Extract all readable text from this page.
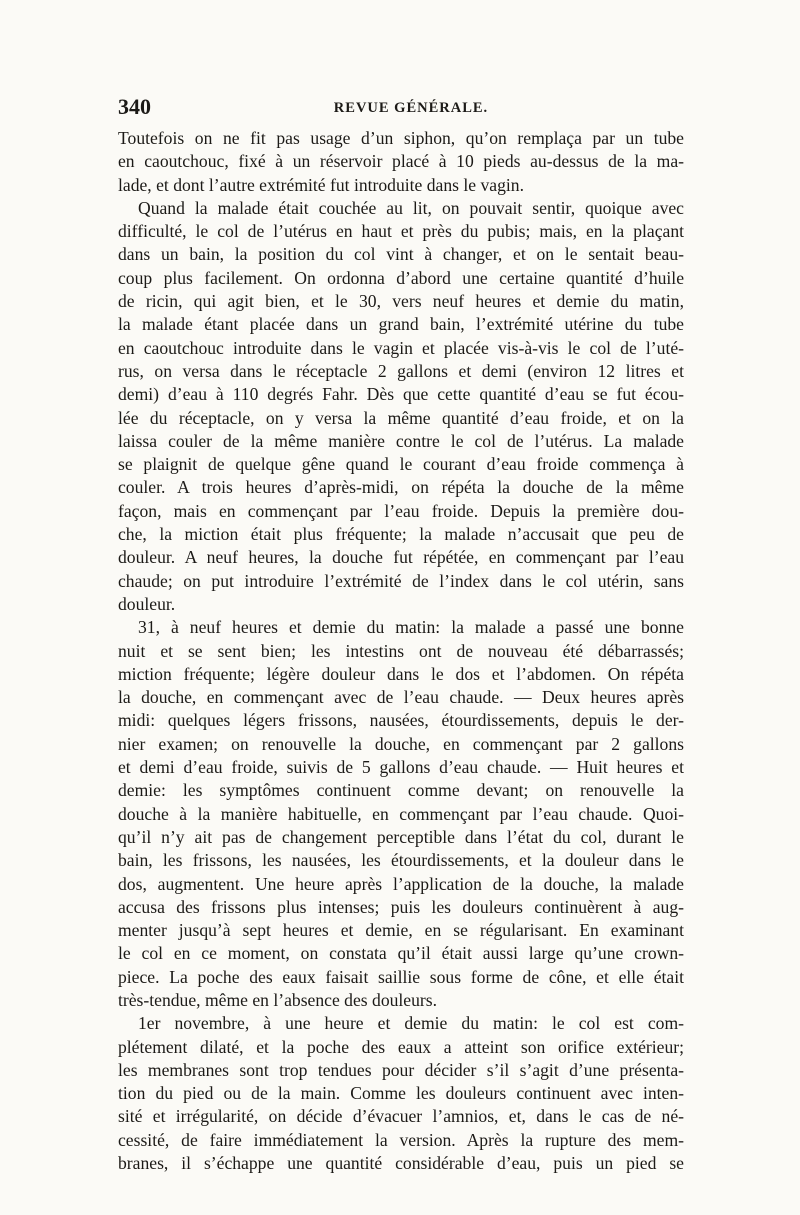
340	REVUE GÉNÉRALE.
Toutefois on ne fit pas usage d’un siphon, qu’on remplaça par un tube
en caoutchouc, fixé à un réservoir placé à 10 pieds au-dessus de la ma-
lade, et dont l’autre extrémité fut introduite dans le vagin.
Quand la malade était couchée au lit, on pouvait sentir, quoique avec
difficulté, le col de l’utérus en haut et près du pubis; mais, en la plaçant
dans un bain, la position du col vint à changer, et on le sentait beau-
coup plus facilement. On ordonna d’abord une certaine quantité d’huile
de ricin, qui agit bien, et le 30, vers neuf heures et demie du matin,
la malade étant placée dans un grand bain, l’extrémité utérine du tube
en caoutchouc introduite dans le vagin et placée vis-à-vis le col de l’uté-
rus, on versa dans le réceptacle 2 gallons et demi (environ 12 litres et
demi) d’eau à 110 degrés Fahr. Dès que cette quantité d’eau se fut écou-
lée du réceptacle, on y versa la même quantité d’eau froide, et on la
laissa couler de la même manière contre le col de l’utérus. La malade
se plaignit de quelque gêne quand le courant d’eau froide commença à
couler. A trois heures d’après-midi, on répéta la douche de la même
façon, mais en commençant par l’eau froide. Depuis la première dou-
che, la miction était plus fréquente; la malade n’accusait que peu de
douleur. A neuf heures, la douche fut répétée, en commençant par l’eau
chaude; on put introduire l’extrémité de l’index dans le col utérin, sans
douleur.
31, à neuf heures et demie du matin: la malade a passé une bonne
nuit et se sent bien; les intestins ont de nouveau été débarrassés;
miction fréquente; légère douleur dans le dos et l’abdomen. On répéta
la douche, en commençant avec de l’eau chaude. — Deux heures après
midi: quelques légers frissons, nausées, étourdissements, depuis le der-
nier examen; on renouvelle la douche, en commençant par 2 gallons
et demi d’eau froide, suivis de 5 gallons d’eau chaude. — Huit heures et
demie: les symptômes continuent comme devant; on renouvelle la
douche à la manière habituelle, en commençant par l’eau chaude. Quoi-
qu’il n’y ait pas de changement perceptible dans l’état du col, durant le
bain, les frissons, les nausées, les étourdissements, et la douleur dans le
dos, augmentent. Une heure après l’application de la douche, la malade
accusa des frissons plus intenses; puis les douleurs continuèrent à aug-
menter jusqu’à sept heures et demie, en se régularisant. En examinant
le col en ce moment, on constata qu’il était aussi large qu’une crown-
piece. La poche des eaux faisait saillie sous forme de cône, et elle était
très-tendue, même en l’absence des douleurs.
1er novembre, à une heure et demie du matin: le col est com-
plétement dilaté, et la poche des eaux a atteint son orifice extérieur;
les membranes sont trop tendues pour décider s’il s’agit d’une présenta-
tion du pied ou de la main. Comme les douleurs continuent avec inten-
sité et irrégularité, on décide d’évacuer l’amnios, et, dans le cas de né-
cessité, de faire immédiatement la version. Après la rupture des mem-
branes, il s’échappe une quantité considérable d’eau, puis un pied se
